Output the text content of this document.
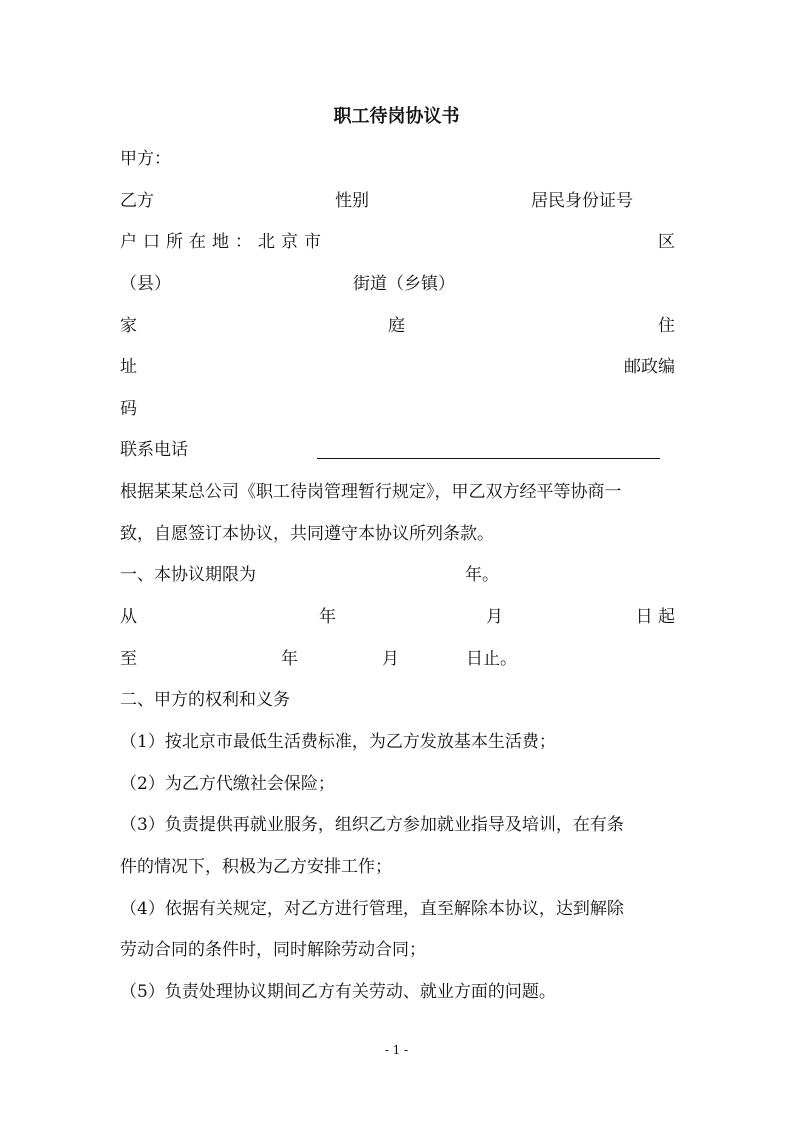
职工待岗协议书
甲方：
乙方	性别	居民身份证号
户口所在地：北京市	区
（县）	街道（乡镇）
家	庭	住
址	邮政编
码
联系电话
根据某某总公司《职工待岗管理暂行规定》，甲乙双方经平等协商一
致，自愿签订本协议，共同遵守本协议所列条款。
一、本协议期限为	年。
从	年	月	日 起
至	年	月	日止。
二、甲方的权利和义务
（1）按北京市最低生活费标准，为乙方发放基本生活费；
（2）为乙方代缴社会保险；
（3）负责提供再就业服务，组织乙方参加就业指导及培训，在有条
件的情况下，积极为乙方安排工作；
（4）依据有关规定，对乙方进行管理，直至解除本协议，达到解除
劳动合同的条件时，同时解除劳动合同；
（5）负责处理协议期间乙方有关劳动、就业方面的问题。
- 1 -
